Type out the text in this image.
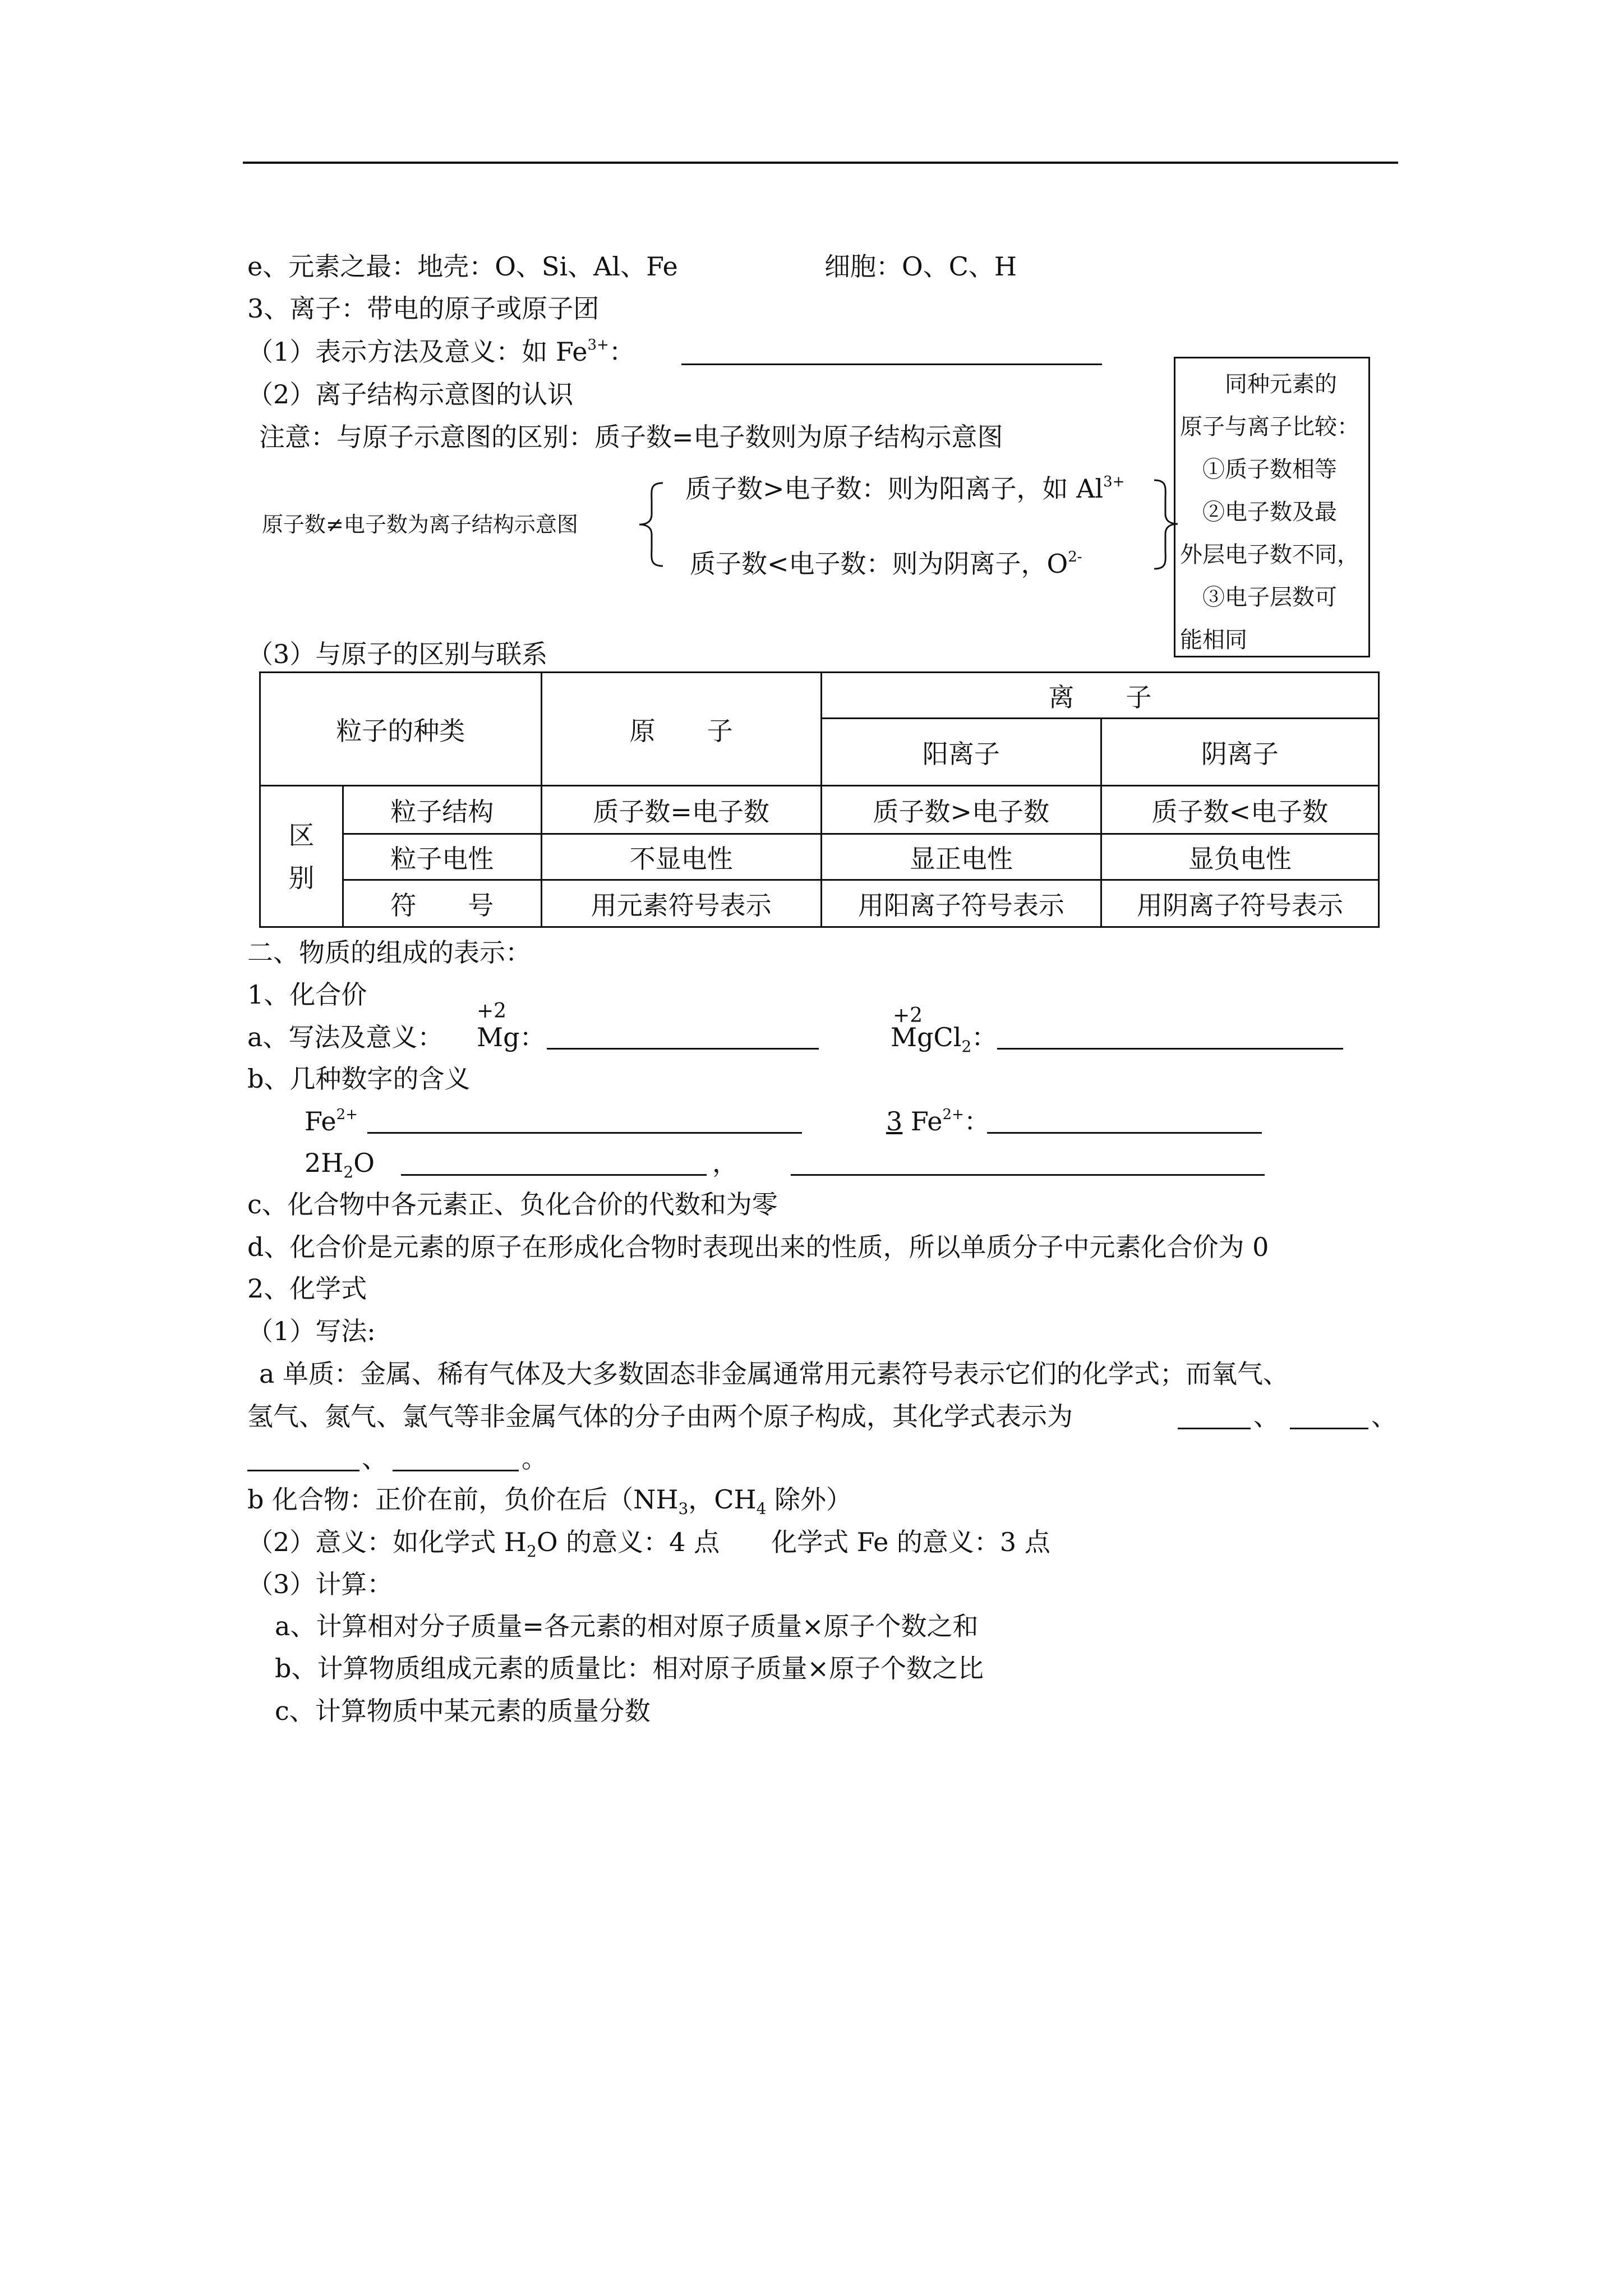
e、元素之最：地壳：O、Si、Al、Fe	细胞：O、C、H
3、离子：带电的原子或原子团
（1）表示方法及意义：如 $Fe^{3+}$：
（2）离子结构示意图的认识
注意：与原子示意图的区别：质子数=电子数则为原子结构示意图
原子数≠电子数为离子结构示意图
质子数>电子数：则为阳离子，如 $Al^{3+}$
质子数<电子数：则为阴离子，$O^{2-}$
同种元素的
原子与离子比较：
①质子数相等
②电子数及最
外层电子数不同，
③电子层数可
能相同
（3）与原子的区别与联系
粒子的种类		原　　子	离　　子	
			阳离子	阴离子
区别	粒子结构	质子数=电子数	质子数>电子数	质子数<电子数
	粒子电性	不显电性	显正电性	显负电性
	符　　号	用元素符号表示	用阳离子符号表示	用阴离子符号表示
二、物质的组成的表示：
1、化合价
a、写法及意义：
+2
Mg：
+2
MgCl$_2$：
b、几种数字的含义
$Fe^{2+}$	3 $Fe^{2+}$：
$2H_2O$	，
c、化合物中各元素正、负化合价的代数和为零
d、化合价是元素的原子在形成化合物时表现出来的性质，所以单质分子中元素化合价为 0
2、化学式
（1）写法:
a 单质：金属、稀有气体及大多数固态非金属通常用元素符号表示它们的化学式；而氧气、
氢气、氮气、氯气等非金属气体的分子由两个原子构成，其化学式表示为	、	、
、	。
b 化合物：正价在前，负价在后（$NH_3$，$CH_4$ 除外）
（2）意义：如化学式 $H_2O$ 的意义：4 点　　化学式 Fe 的意义：3 点
（3）计算：
a、计算相对分子质量=各元素的相对原子质量×原子个数之和
b、计算物质组成元素的质量比：相对原子质量×原子个数之比
c、计算物质中某元素的质量分数
